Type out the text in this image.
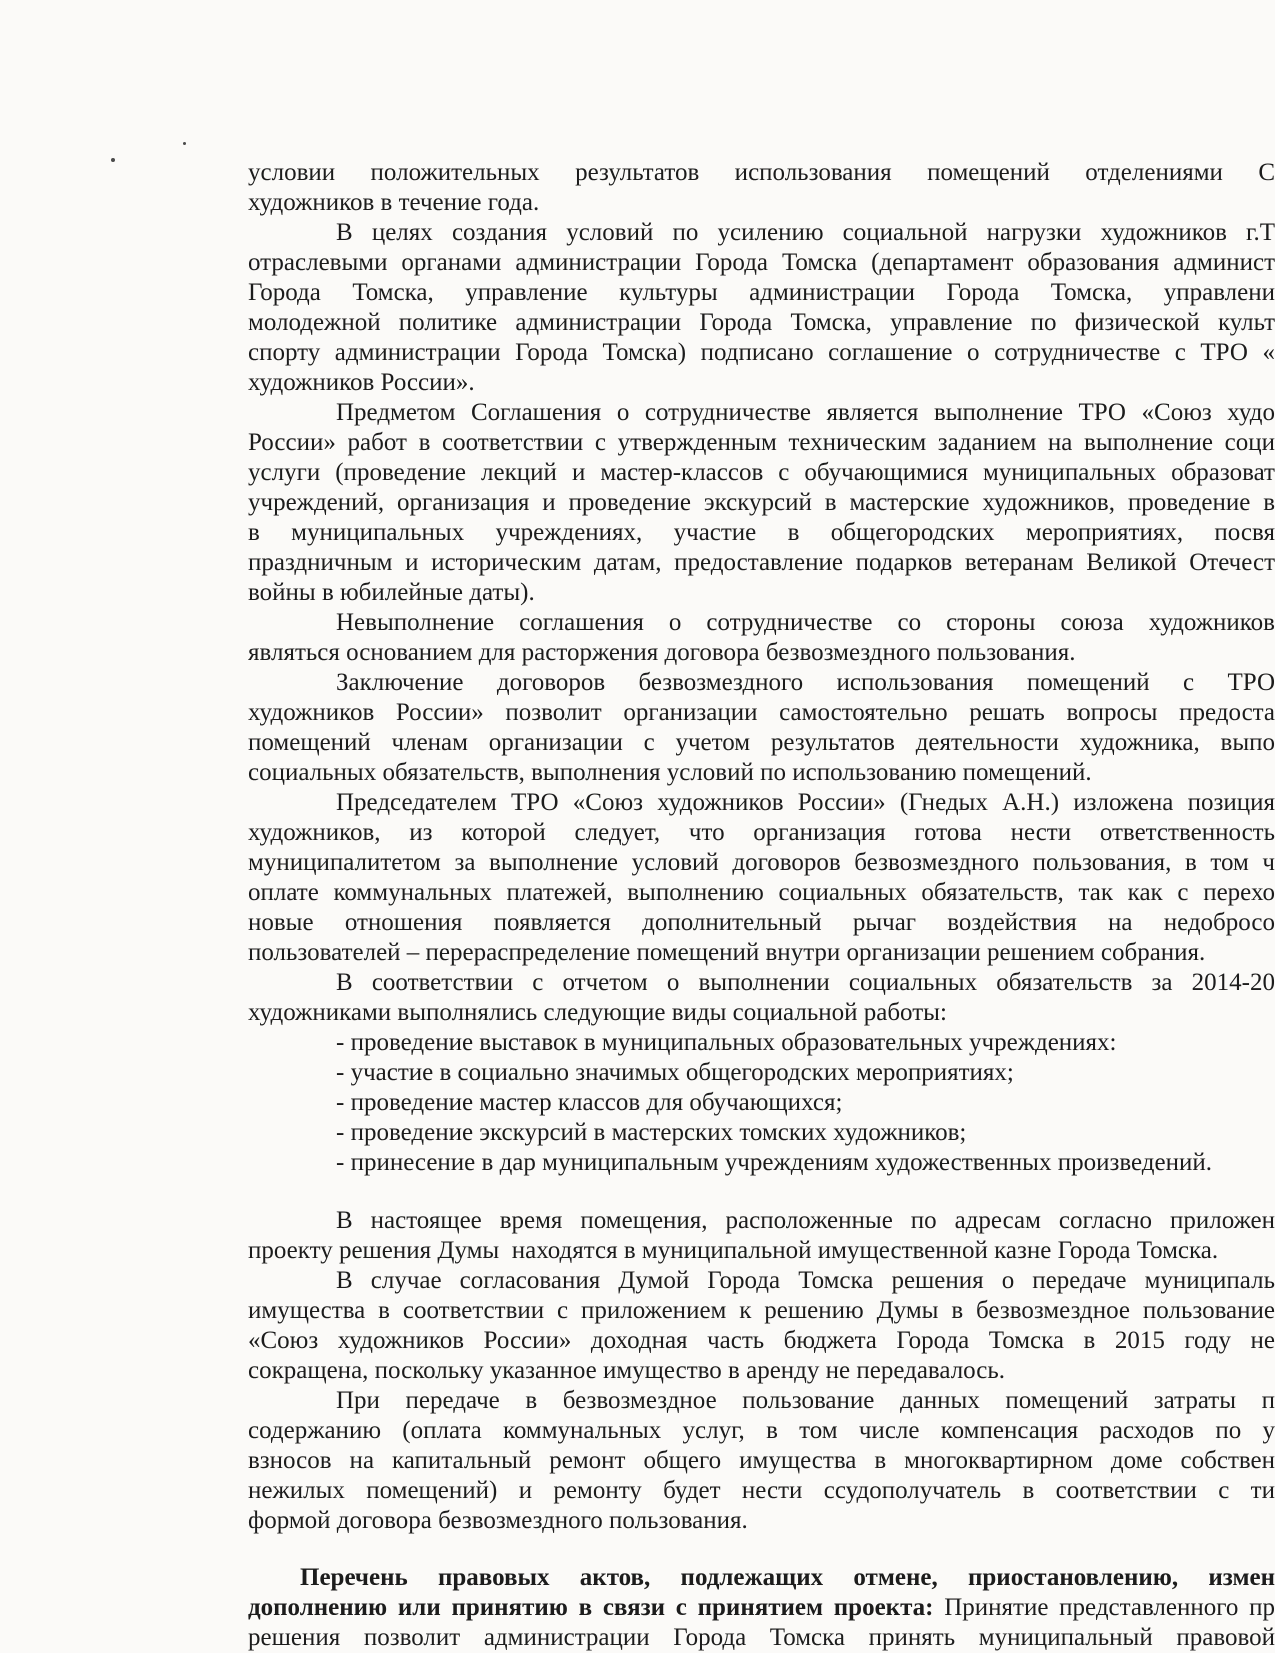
условии положительных результатов использования помещений отделениями С
художников в течение года.
В целях создания условий по усилению социальной нагрузки художников г.Т
отраслевыми органами администрации Города Томска (департамент образования админист
Города Томска, управление культуры администрации Города Томска, управлени
молодежной политике администрации Города Томска, управление по физической культ
спорту администрации Города Томска) подписано соглашение о сотрудничестве с ТРО «
художников России».
Предметом Соглашения о сотрудничестве является выполнение ТРО «Союз худо
России» работ в соответствии с утвержденным техническим заданием на выполнение соци
услуги (проведение лекций и мастер-классов с обучающимися муниципальных образоват
учреждений, организация и проведение экскурсий в мастерские художников, проведение в
в муниципальных учреждениях, участие в общегородских мероприятиях, посвя
праздничным и историческим датам, предоставление подарков ветеранам Великой Отечест
войны в юбилейные даты).
Невыполнение соглашения о сотрудничестве со стороны союза художников
являться основанием для расторжения договора безвозмездного пользования.
Заключение договоров безвозмездного использования помещений с ТРО
художников России» позволит организации самостоятельно решать вопросы предоста
помещений членам организации с учетом результатов деятельности художника, выпо
социальных обязательств, выполнения условий по использованию помещений.
Председателем ТРО «Союз художников России» (Гнедых А.Н.) изложена позиция
художников, из которой следует, что организация готова нести ответственность
муниципалитетом за выполнение условий договоров безвозмездного пользования, в том ч
оплате коммунальных платежей, выполнению социальных обязательств, так как с перехо
новые отношения появляется дополнительный рычаг воздействия на недобросо
пользователей – перераспределение помещений внутри организации решением собрания.
В соответствии с отчетом о выполнении социальных обязательств за 2014-20
художниками выполнялись следующие виды социальной работы:
- проведение выставок в муниципальных образовательных учреждениях:
- участие в социально значимых общегородских мероприятиях;
- проведение мастер классов для обучающихся;
- проведение экскурсий в мастерских томских художников;
- принесение в дар муниципальным учреждениям художественных произведений.
В настоящее время помещения, расположенные по адресам согласно приложен
проекту решения Думы  находятся в муниципальной имущественной казне Города Томска.
В случае согласования Думой Города Томска решения о передаче муниципаль
имущества в соответствии с приложением к решению Думы в безвозмездное пользование
«Союз художников России» доходная часть бюджета Города Томска в 2015 году не
сокращена, поскольку указанное имущество в аренду не передавалось.
При передаче в безвозмездное пользование данных помещений затраты п
содержанию (оплата коммунальных услуг, в том числе компенсация расходов по у
взносов на капитальный ремонт общего имущества в многоквартирном доме собствен
нежилых помещений) и ремонту будет нести ссудополучатель в соответствии с ти
формой договора безвозмездного пользования.
Перечень правовых актов, подлежащих отмене, приостановлению, измен
дополнению или принятию в связи с принятием проекта: Принятие представленного пр
решения позволит администрации Города Томска принять муниципальный правовой
